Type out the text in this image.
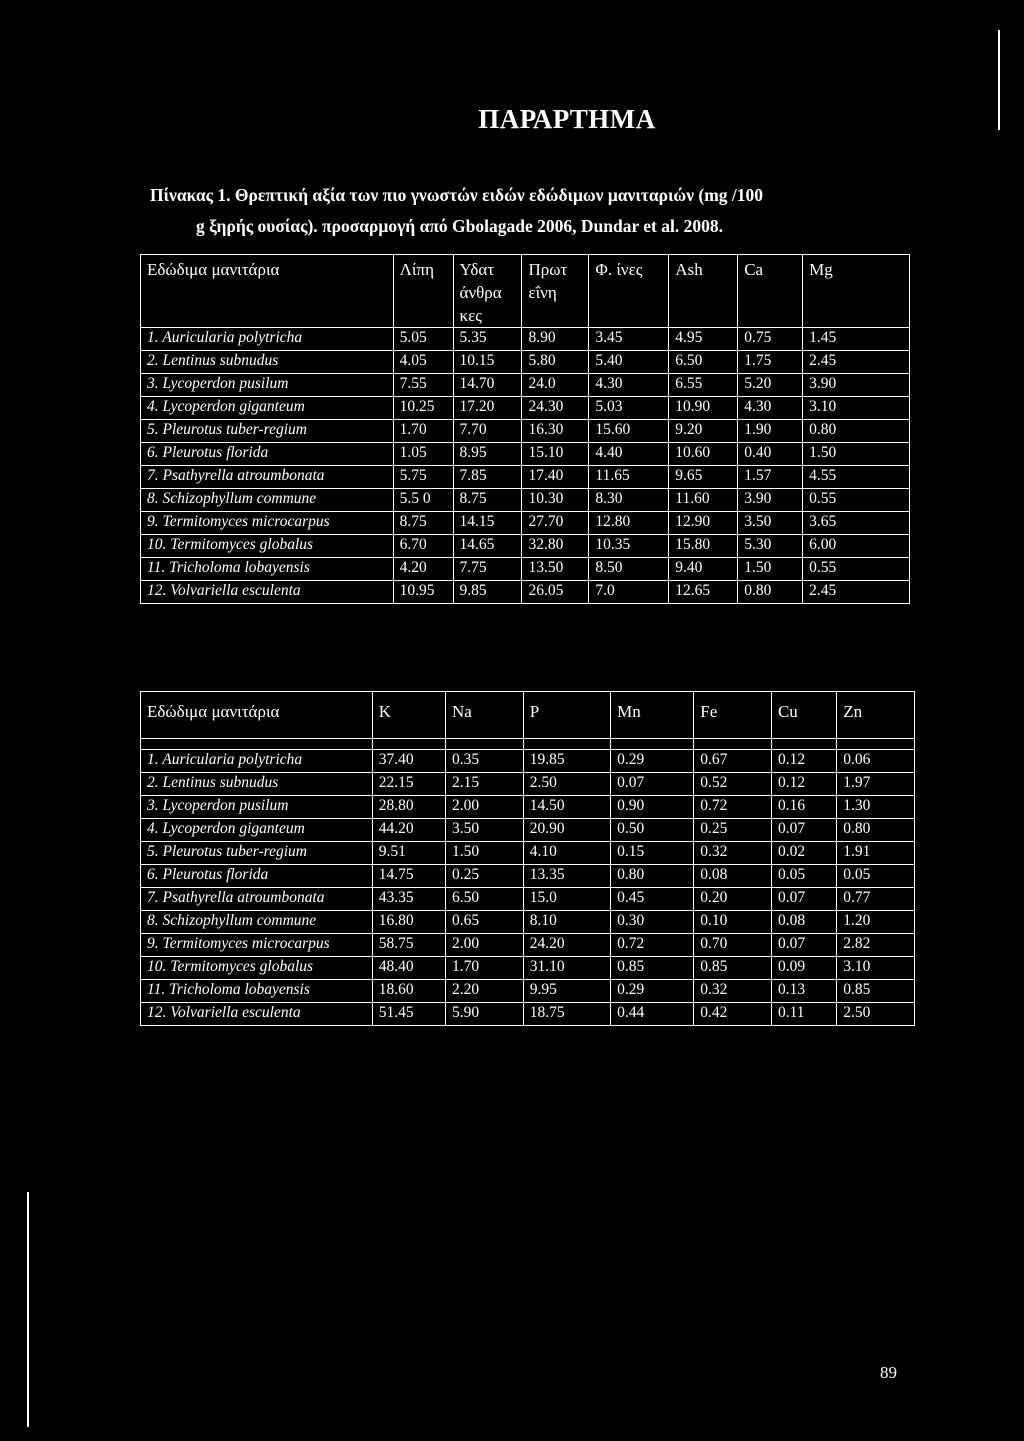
ΠΑΡΑΡΤΗΜΑ
Πίνακας 1. Θρεπτική αξία των πιο γνωστών ειδών εδώδιμων μανιταριών (mg /100
g ξηρής ουσίας). προσαρμογή από Gbolagade 2006, Dundar et al. 2008.
Εδώδιμα μανιτάρια	Λίπη	Υδατ άνθρα κες	Πρωτ εΐνη	Φ. ίνες	Ash	Ca	Mg
1. Auricularia polytricha	5.05	5.35	8.90	3.45	4.95	0.75	1.45
2. Lentinus subnudus	4.05	10.15	5.80	5.40	6.50	1.75	2.45
3. Lycoperdon pusilum	7.55	14.70	24.0	4.30	6.55	5.20	3.90
4. Lycoperdon giganteum	10.25	17.20	24.30	5.03	10.90	4.30	3.10
5. Pleurotus tuber-regium	1.70	7.70	16.30	15.60	9.20	1.90	0.80
6. Pleurotus florida	1.05	8.95	15.10	4.40	10.60	0.40	1.50
7. Psathyrella atroumbonata	5.75	7.85	17.40	11.65	9.65	1.57	4.55
8. Schizophyllum commune	5.5 0	8.75	10.30	8.30	11.60	3.90	0.55
9. Termitomyces microcarpus	8.75	14.15	27.70	12.80	12.90	3.50	3.65
10. Termitomyces globalus	6.70	14.65	32.80	10.35	15.80	5.30	6.00
11. Tricholoma lobayensis	4.20	7.75	13.50	8.50	9.40	1.50	0.55
12. Volvariella esculenta	10.95	9.85	26.05	7.0	12.65	0.80	2.45
Εδώδιμα μανιτάρια	K	Na	P	Mn	Fe	Cu	Zn

1. Auricularia polytricha	37.40	0.35	19.85	0.29	0.67	0.12	0.06
2. Lentinus subnudus	22.15	2.15	2.50	0.07	0.52	0.12	1.97
3. Lycoperdon pusilum	28.80	2.00	14.50	0.90	0.72	0.16	1.30
4. Lycoperdon giganteum	44.20	3.50	20.90	0.50	0.25	0.07	0.80
5. Pleurotus tuber-regium	9.51	1.50	4.10	0.15	0.32	0.02	1.91
6. Pleurotus florida	14.75	0.25	13.35	0.80	0.08	0.05	0.05
7. Psathyrella atroumbonata	43.35	6.50	15.0	0.45	0.20	0.07	0.77
8. Schizophyllum commune	16.80	0.65	8.10	0.30	0.10	0.08	1.20
9. Termitomyces microcarpus	58.75	2.00	24.20	0.72	0.70	0.07	2.82
10. Termitomyces globalus	48.40	1.70	31.10	0.85	0.85	0.09	3.10
11. Tricholoma lobayensis	18.60	2.20	9.95	0.29	0.32	0.13	0.85
12. Volvariella esculenta	51.45	5.90	18.75	0.44	0.42	0.11	2.50
89
